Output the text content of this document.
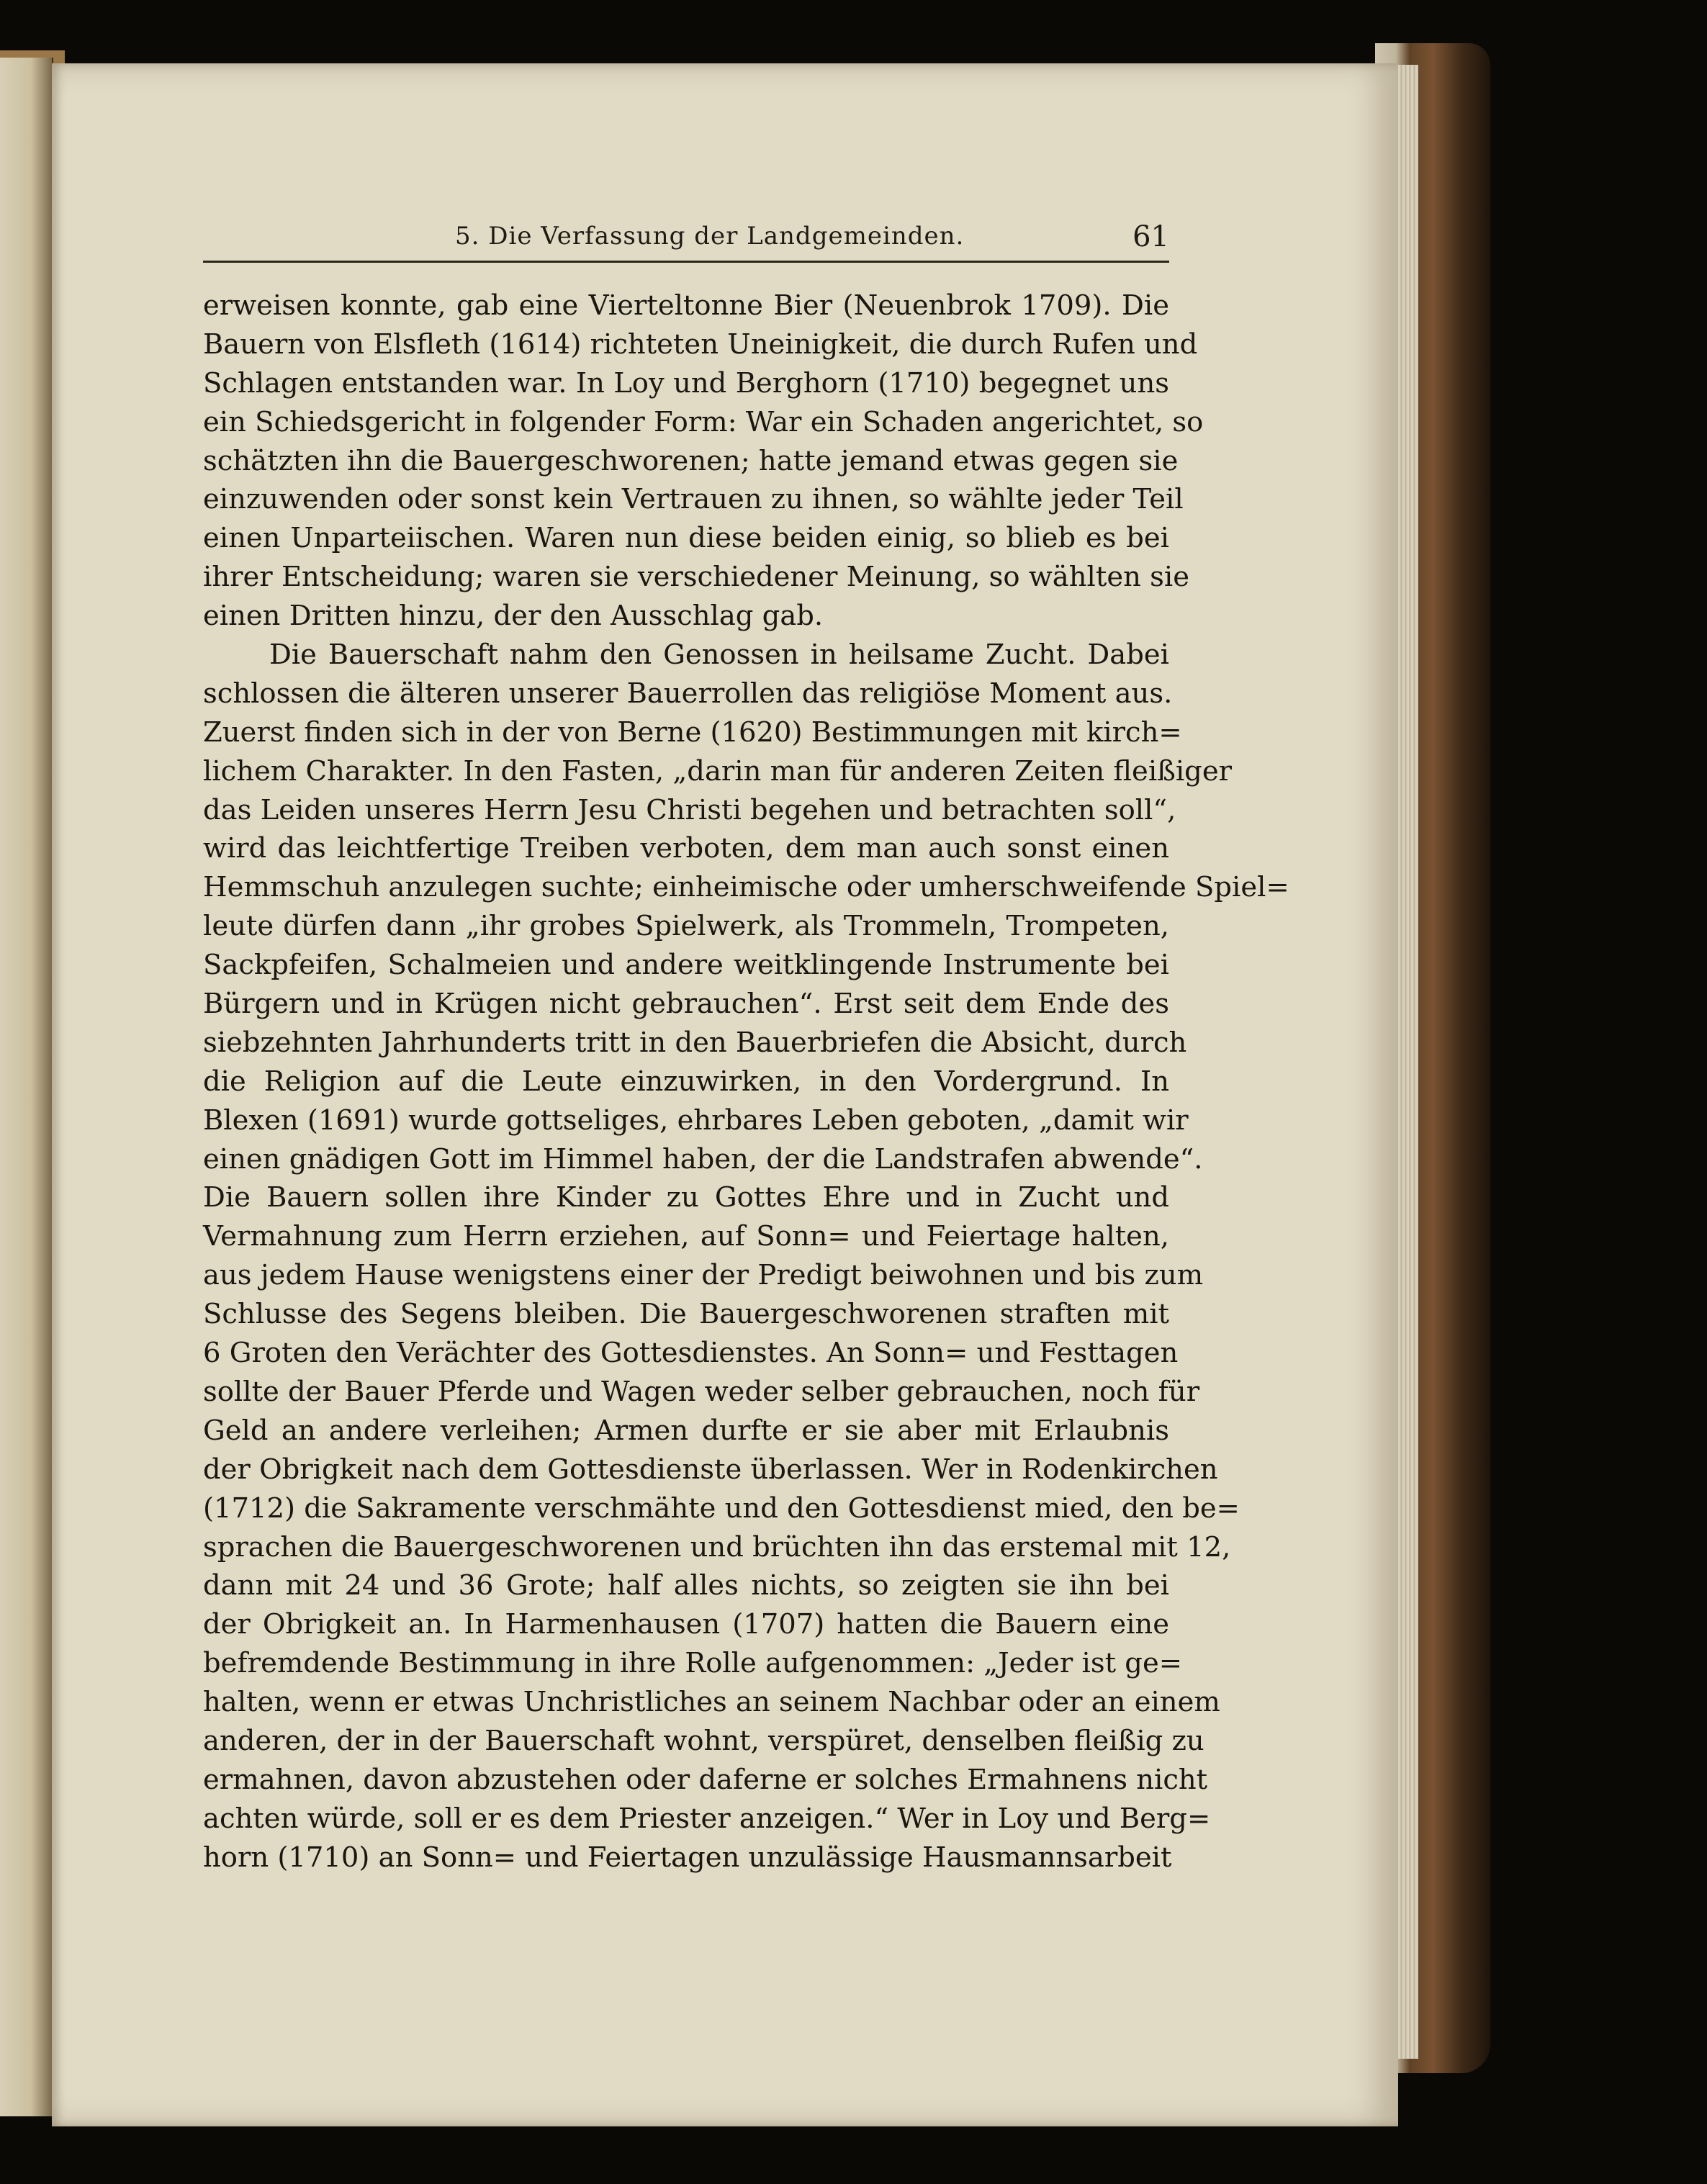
5. Die Verfassung der Landgemeinden.	61
erweisen konnte, gab eine Vierteltonne Bier (Neuenbrok 1709). Die
Bauern von Elsfleth (1614) richteten Uneinigkeit, die durch Rufen und
Schlagen entstanden war. In Loy und Berghorn (1710) begegnet uns
ein Schiedsgericht in folgender Form: War ein Schaden angerichtet, so
schätzten ihn die Bauergeschworenen; hatte jemand etwas gegen sie
einzuwenden oder sonst kein Vertrauen zu ihnen, so wählte jeder Teil
einen Unparteiischen. Waren nun diese beiden einig, so blieb es bei
ihrer Entscheidung; waren sie verschiedener Meinung, so wählten sie
einen Dritten hinzu, der den Ausschlag gab.
Die Bauerschaft nahm den Genossen in heilsame Zucht. Dabei
schlossen die älteren unserer Bauerrollen das religiöse Moment aus.
Zuerst finden sich in der von Berne (1620) Bestimmungen mit kirch=
lichem Charakter. In den Fasten, „darin man für anderen Zeiten fleißiger
das Leiden unseres Herrn Jesu Christi begehen und betrachten soll“,
wird das leichtfertige Treiben verboten, dem man auch sonst einen
Hemmschuh anzulegen suchte; einheimische oder umherschweifende Spiel=
leute dürfen dann „ihr grobes Spielwerk, als Trommeln, Trompeten,
Sackpfeifen, Schalmeien und andere weitklingende Instrumente bei
Bürgern und in Krügen nicht gebrauchen“. Erst seit dem Ende des
siebzehnten Jahrhunderts tritt in den Bauerbriefen die Absicht, durch
die Religion auf die Leute einzuwirken, in den Vordergrund. In
Blexen (1691) wurde gottseliges, ehrbares Leben geboten, „damit wir
einen gnädigen Gott im Himmel haben, der die Landstrafen abwende“.
Die Bauern sollen ihre Kinder zu Gottes Ehre und in Zucht und
Vermahnung zum Herrn erziehen, auf Sonn= und Feiertage halten,
aus jedem Hause wenigstens einer der Predigt beiwohnen und bis zum
Schlusse des Segens bleiben. Die Bauergeschworenen straften mit
6 Groten den Verächter des Gottesdienstes. An Sonn= und Festtagen
sollte der Bauer Pferde und Wagen weder selber gebrauchen, noch für
Geld an andere verleihen; Armen durfte er sie aber mit Erlaubnis
der Obrigkeit nach dem Gottesdienste überlassen. Wer in Rodenkirchen
(1712) die Sakramente verschmähte und den Gottesdienst mied, den be=
sprachen die Bauergeschworenen und brüchten ihn das erstemal mit 12,
dann mit 24 und 36 Grote; half alles nichts, so zeigten sie ihn bei
der Obrigkeit an. In Harmenhausen (1707) hatten die Bauern eine
befremdende Bestimmung in ihre Rolle aufgenommen: „Jeder ist ge=
halten, wenn er etwas Unchristliches an seinem Nachbar oder an einem
anderen, der in der Bauerschaft wohnt, verspüret, denselben fleißig zu
ermahnen, davon abzustehen oder daferne er solches Ermahnens nicht
achten würde, soll er es dem Priester anzeigen.“ Wer in Loy und Berg=
horn (1710) an Sonn= und Feiertagen unzulässige Hausmannsarbeit
